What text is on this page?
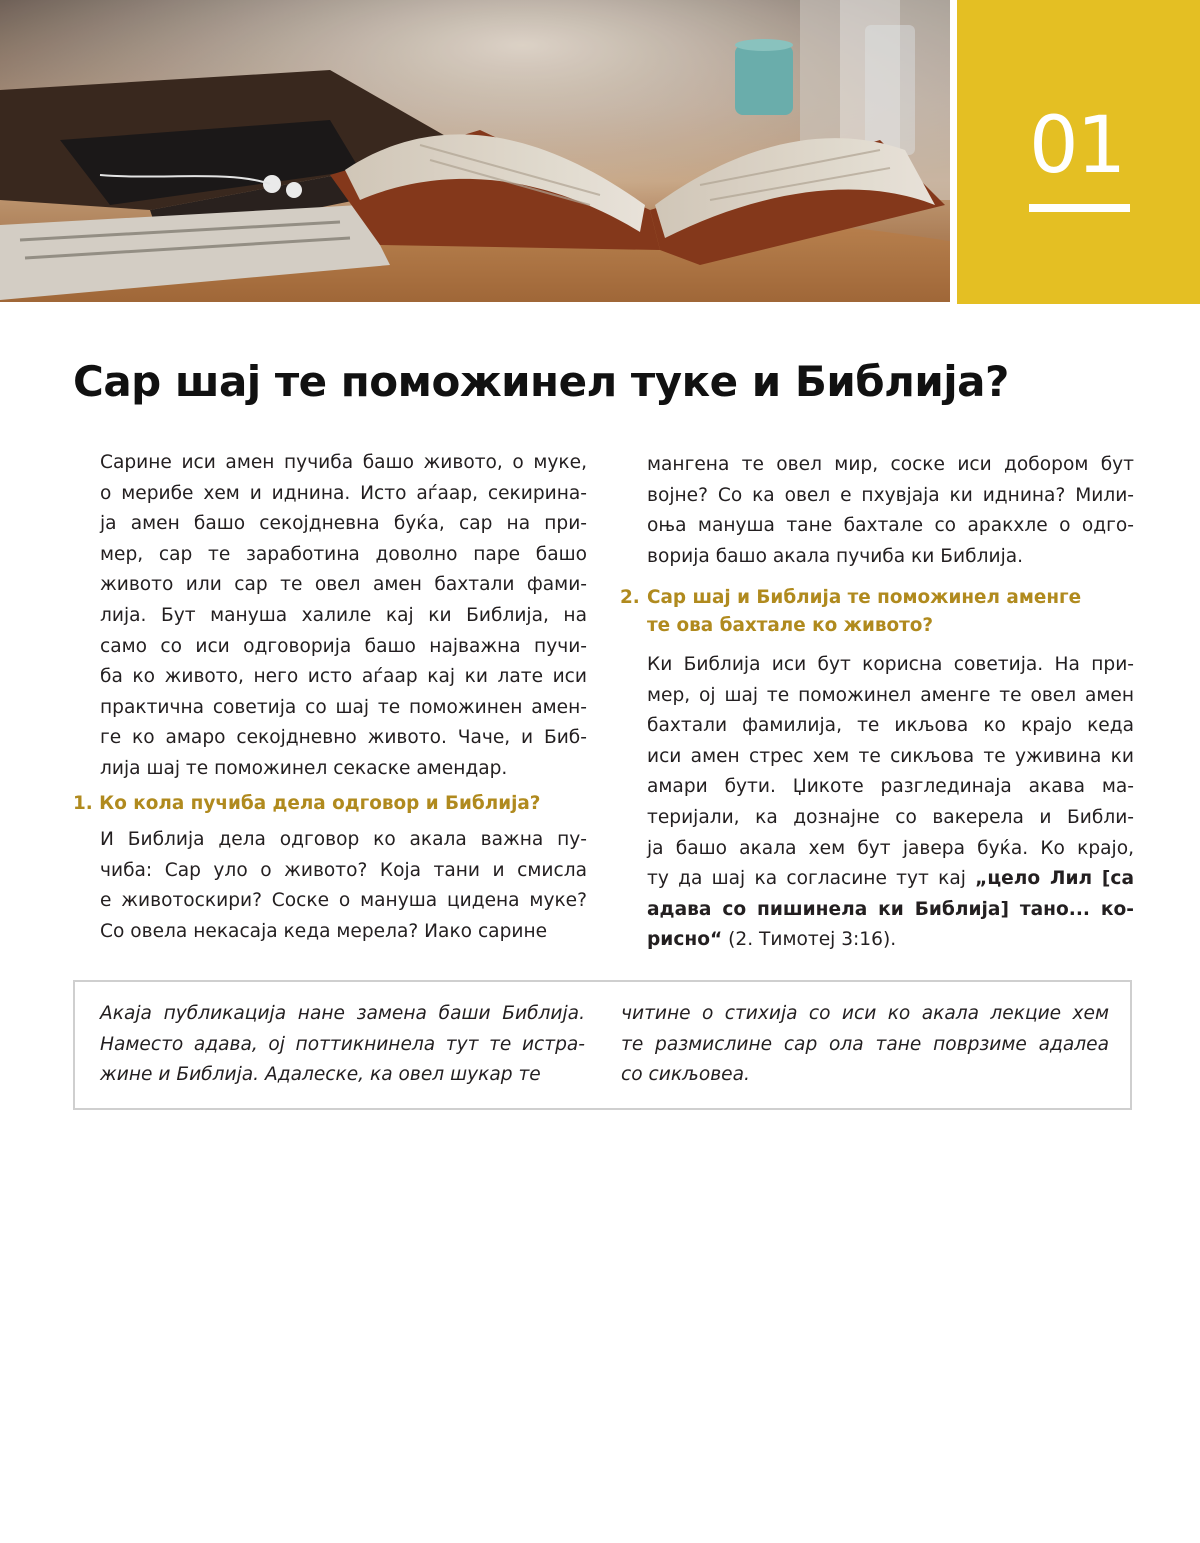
01
Сар шај те поможинел туке и Библија?

Сарине иси амен пучиба башо живото, о муке,

о мерибе хем и иднина. Исто аѓаар, секирина-

ја амен башо секојдневна буќа, сар на при-

мер, сар те заработина доволно паре башо

живото или сар те овел амен бахтали фами-

лија. Бут мануша халиле кај ки Библија, на

само со иси одговорија башо најважна пучи-

ба ко живото, него исто аѓаар кај ки лате иси

практична советија со шај те поможинен амен-

ге ко амаро секојдневно живото. Чаче, и Биб-

лија шај те поможинел секаске амендар.

1. Ко кола пучиба дела одговор и Библија?

И Библија дела одговор ко акала важна пу-

чиба: Сар уло о живото? Која тани и смисла

е животоскири? Соске о мануша цидена муке?

Со овела некасаја кеда мерела? Иако сарине

мангена те овел мир, соске иси добором бут

војне? Со ка овел е пхувјаја ки иднина? Мили-

оња мануша тане бахтале со аракхле о одго-

ворија башо акала пучиба ки Библија.

2. Сар шај и Библија те поможинел аменге
те ова бахтале ко живото?

Ки Библија иси бут корисна советија. На при-

мер, ој шај те поможинел аменге те овел амен

бахтали фамилија, те икљова ко крајо кеда

иси амен стрес хем те сикљова те уживина ки

амари бути. Џикоте разглединаја акава ма-

теријали, ка дознајне со вакерела и Библи-

ја башо акала хем бут јавера буќа. Ко крајо,

ту да шај ка согласине тут кај „цело Лил [са

адава со пишинела ки Библија] тано... ко-

рисно“ (2. Тимотеј 3:16).

Акаја публикација нане замена баши Библија.
Наместо адава, ој поттикнинела тут те истра-
жине и Библија. Адалеске, ка овел шукар те
читине о стихија со иси ко акала лекцие хем
те размислине сар ола тане поврзиме адалеа
со сикљовеа.
